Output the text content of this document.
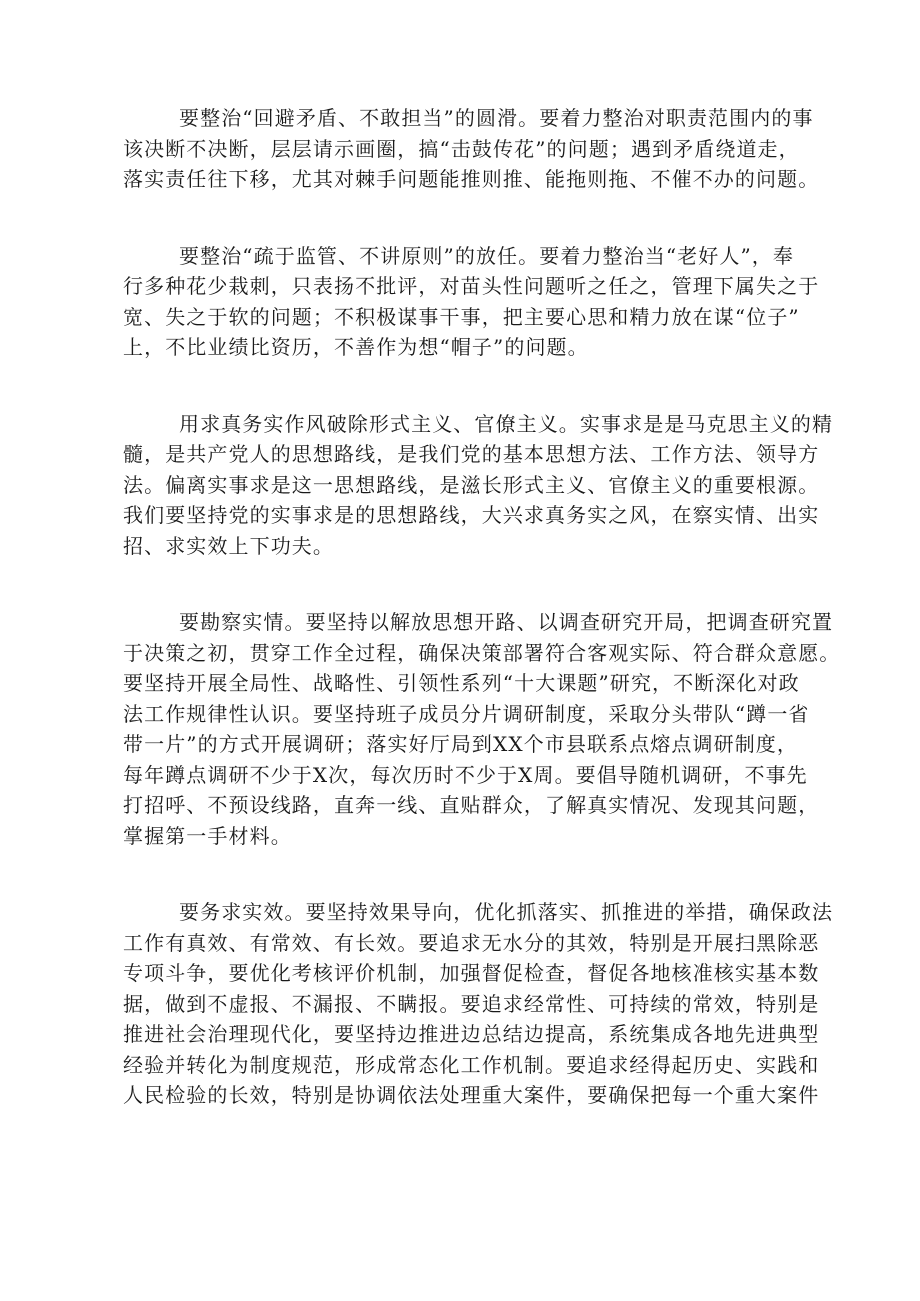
要整治“回避矛盾、不敢担当”的圆滑。要着力整治对职责范围内的事
该决断不决断，层层请示画圈，搞“击鼓传花”的问题；遇到矛盾绕道走，
落实责任往下移，尤其对棘手问题能推则推、能拖则拖、不催不办的问题。

要整治“疏于监管、不讲原则”的放任。要着力整治当“老好人”，奉
行多种花少栽刺，只表扬不批评，对苗头性问题听之任之，管理下属失之于
宽、失之于软的问题；不积极谋事干事，把主要心思和精力放在谋“位子”
上，不比业绩比资历，不善作为想“帽子”的问题。

用求真务实作风破除形式主义、官僚主义。实事求是是马克思主义的精
髓，是共产党人的思想路线，是我们党的基本思想方法、工作方法、领导方
法。偏离实事求是这一思想路线，是滋长形式主义、官僚主义的重要根源。
我们要坚持党的实事求是的思想路线，大兴求真务实之风，在察实情、出实
招、求实效上下功夫。

要勘察实情。要坚持以解放思想开路、以调查研究开局，把调查研究置
于决策之初，贯穿工作全过程，确保决策部署符合客观实际、符合群众意愿。
要坚持开展全局性、战略性、引领性系列“十大课题”研究，不断深化对政
法工作规律性认识。要坚持班子成员分片调研制度，采取分头带队“蹲一省
带一片”的方式开展调研；落实好厅局到XX个市县联系点熔点调研制度，
每年蹲点调研不少于X次，每次历时不少于X周。要倡导随机调研，不事先
打招呼、不预设线路，直奔一线、直贴群众，了解真实情况、发现其问题，
掌握第一手材料。

要务求实效。要坚持效果导向，优化抓落实、抓推进的举措，确保政法
工作有真效、有常效、有长效。要追求无水分的其效，特别是开展扫黑除恶
专项斗争，要优化考核评价机制，加强督促检查，督促各地核准核实基本数
据，做到不虚报、不漏报、不瞒报。要追求经常性、可持续的常效，特别是
推进社会治理现代化，要坚持边推进边总结边提高，系统集成各地先进典型
经验并转化为制度规范，形成常态化工作机制。要追求经得起历史、实践和
人民检验的长效，特别是协调依法处理重大案件，要确保把每一个重大案件
